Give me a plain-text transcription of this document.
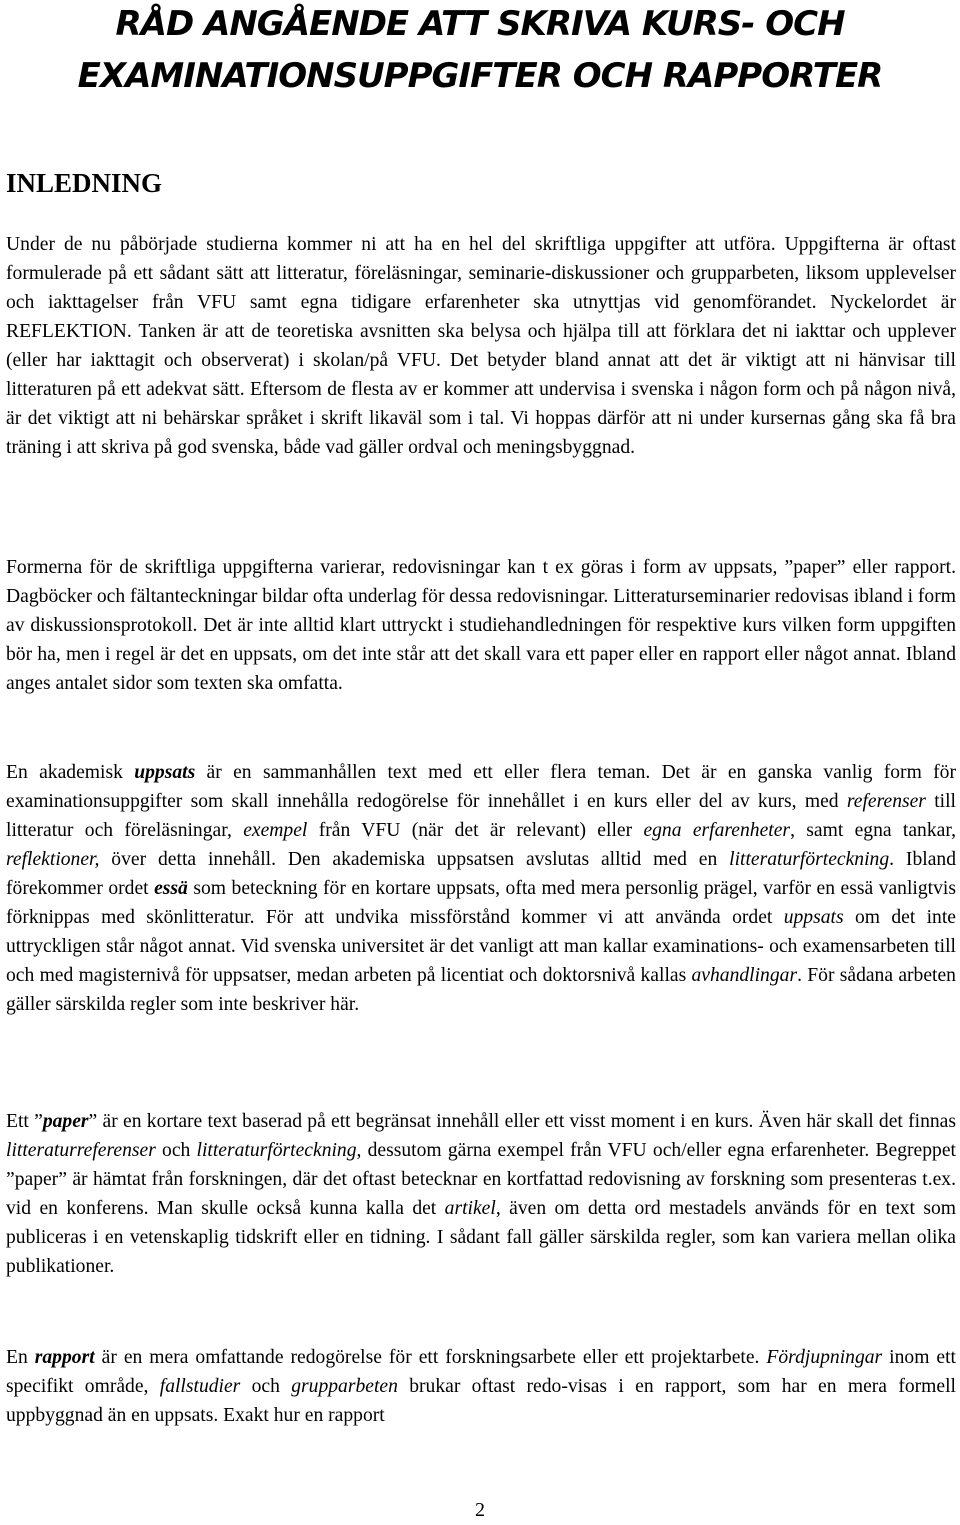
RÅD ANGÅENDE ATT SKRIVA KURS- OCH
EXAMINATIONSUPPGIFTER OCH RAPPORTER
INLEDNING

Under de nu påbörjade studierna kommer ni att ha en hel del skriftliga uppgifter att utföra. Uppgifterna är oftast formulerade på ett sådant sätt att litteratur, föreläsningar, seminarie-diskussioner och grupparbeten, liksom upplevelser och iakttagelser från VFU samt egna tidigare erfarenheter ska utnyttjas vid genomförandet. Nyckelordet är REFLEKTION. Tanken är att de teoretiska avsnitten ska belysa och hjälpa till att förklara det ni iakttar och upplever (eller har iakttagit och observerat) i skolan/på VFU. Det betyder bland annat att det är viktigt att ni hänvisar till litteraturen på ett adekvat sätt. Eftersom de flesta av er kommer att undervisa i svenska i någon form och på någon nivå, är det viktigt att ni behärskar språket i skrift likaväl som i tal. Vi hoppas därför att ni under kursernas gång ska få bra träning i att skriva på god svenska, både vad gäller ordval och meningsbyggnad.

Formerna för de skriftliga uppgifterna varierar, redovisningar kan t ex göras i form av uppsats, ”paper” eller rapport. Dagböcker och fältanteckningar bildar ofta underlag för dessa redovisningar. Litteraturseminarier redovisas ibland i form av diskussionsprotokoll. Det är inte alltid klart uttryckt i studiehandledningen för respektive kurs vilken form uppgiften bör ha, men i regel är det en uppsats, om det inte står att det skall vara ett paper eller en rapport eller något annat. Ibland anges antalet sidor som texten ska omfatta.

En akademisk uppsats är en sammanhållen text med ett eller flera teman. Det är en ganska vanlig form för examinationsuppgifter som skall innehålla redogörelse för innehållet i en kurs eller del av kurs, med referenser till litteratur och föreläsningar, exempel från VFU (när det är relevant) eller egna erfarenheter, samt egna tankar, reflektioner, över detta innehåll. Den akademiska uppsatsen avslutas alltid med en litteraturförteckning. Ibland förekommer ordet essä som beteckning för en kortare uppsats, ofta med mera personlig prägel, varför en essä vanligtvis förknippas med skönlitteratur. För att undvika missförstånd kommer vi att använda ordet uppsats om det inte uttryckligen står något annat. Vid svenska universitet är det vanligt att man kallar examinations- och examensarbeten till och med magisternivå för uppsatser, medan arbeten på licentiat och doktorsnivå kallas avhandlingar. För sådana arbeten gäller särskilda regler som inte beskriver här.

Ett ”paper” är en kortare text baserad på ett begränsat innehåll eller ett visst moment i en kurs. Även här skall det finnas litteraturreferenser och litteraturförteckning, dessutom gärna exempel från VFU och/eller egna erfarenheter. Begreppet ”paper” är hämtat från forskningen, där det oftast betecknar en kortfattad redovisning av forskning som presenteras t.ex. vid en konferens. Man skulle också kunna kalla det artikel, även om detta ord mestadels används för en text som publiceras i en vetenskaplig tidskrift eller en tidning. I sådant fall gäller särskilda regler, som kan variera mellan olika publikationer.

En rapport är en mera omfattande redogörelse för ett forskningsarbete eller ett projektarbete. Fördjupningar inom ett specifikt område, fallstudier och grupparbeten brukar oftast redo-visas i en rapport, som har en mera formell uppbyggnad än en uppsats. Exakt hur en rapport

2
